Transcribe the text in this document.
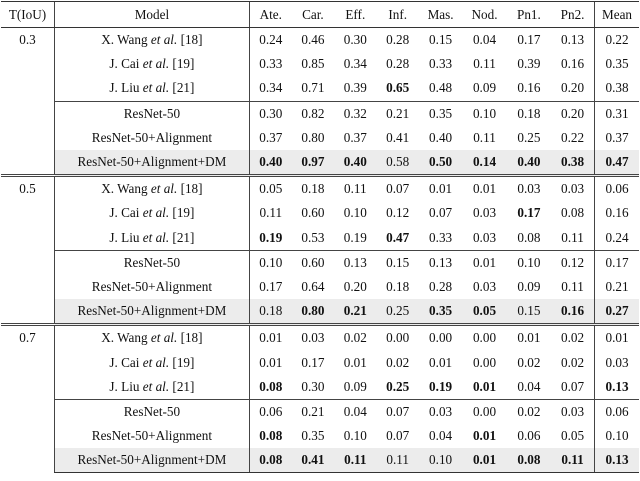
T(IoU)	Model	Ate.	Car.	Eff.	Inf.	Mas.	Nod.	Pn1.	Pn2.	Mean
0.3	X. Wang et al. [18]	0.24	0.46	0.30	0.28	0.15	0.04	0.17	0.13	0.22
	J. Cai et al. [19]	0.33	0.85	0.34	0.28	0.33	0.11	0.39	0.16	0.35
	J. Liu et al. [21]	0.34	0.71	0.39	0.65	0.48	0.09	0.16	0.20	0.38
	ResNet-50	0.30	0.82	0.32	0.21	0.35	0.10	0.18	0.20	0.31
	ResNet-50+Alignment	0.37	0.80	0.37	0.41	0.40	0.11	0.25	0.22	0.37
	ResNet-50+Alignment+DM	0.40	0.97	0.40	0.58	0.50	0.14	0.40	0.38	0.47
0.5	X. Wang et al. [18]	0.05	0.18	0.11	0.07	0.01	0.01	0.03	0.03	0.06
	J. Cai et al. [19]	0.11	0.60	0.10	0.12	0.07	0.03	0.17	0.08	0.16
	J. Liu et al. [21]	0.19	0.53	0.19	0.47	0.33	0.03	0.08	0.11	0.24
	ResNet-50	0.10	0.60	0.13	0.15	0.13	0.01	0.10	0.12	0.17
	ResNet-50+Alignment	0.17	0.64	0.20	0.18	0.28	0.03	0.09	0.11	0.21
	ResNet-50+Alignment+DM	0.18	0.80	0.21	0.25	0.35	0.05	0.15	0.16	0.27
0.7	X. Wang et al. [18]	0.01	0.03	0.02	0.00	0.00	0.00	0.01	0.02	0.01
	J. Cai et al. [19]	0.01	0.17	0.01	0.02	0.01	0.00	0.02	0.02	0.03
	J. Liu et al. [21]	0.08	0.30	0.09	0.25	0.19	0.01	0.04	0.07	0.13
	ResNet-50	0.06	0.21	0.04	0.07	0.03	0.00	0.02	0.03	0.06
	ResNet-50+Alignment	0.08	0.35	0.10	0.07	0.04	0.01	0.06	0.05	0.10
	ResNet-50+Alignment+DM	0.08	0.41	0.11	0.11	0.10	0.01	0.08	0.11	0.13
